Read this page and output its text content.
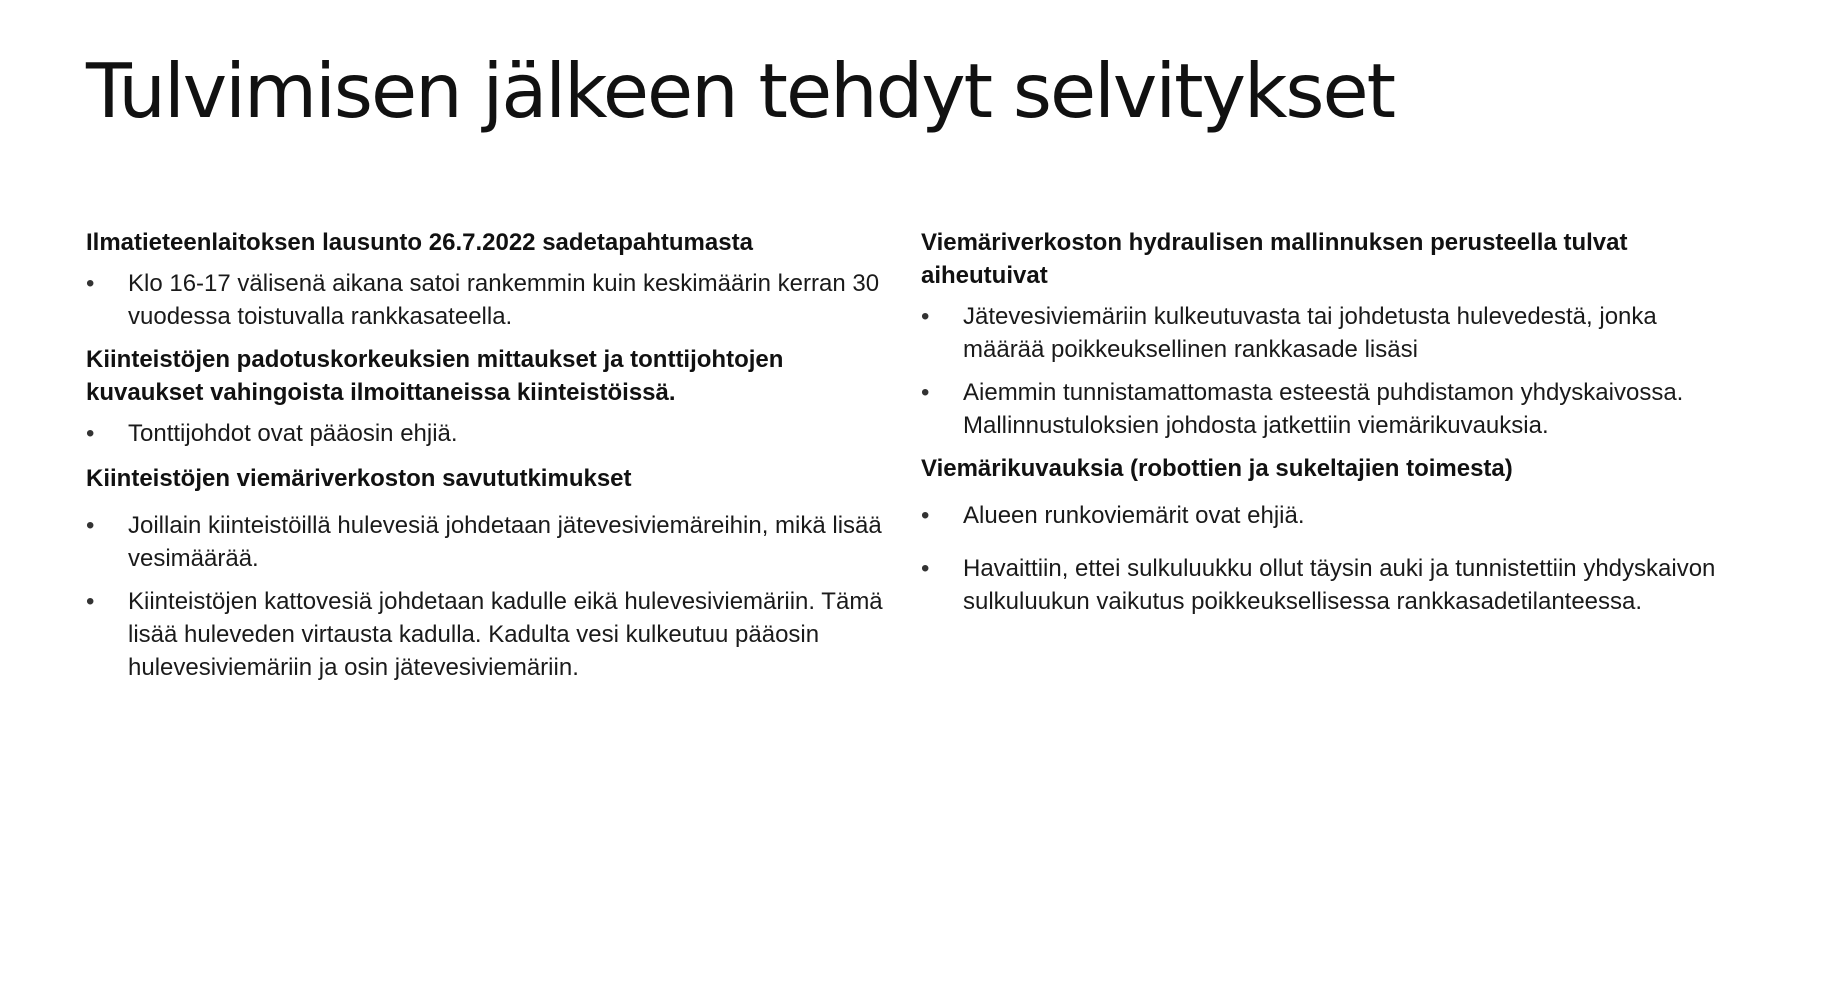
Tulvimisen jälkeen tehdyt selvitykset
Ilmatieteenlaitoksen lausunto 26.7.2022 sadetapahtumasta
• Klo 16-17 välisenä aikana satoi rankemmin kuin keskimäärin kerran 30 vuodessa toistuvalla rankkasateella.
Kiinteistöjen padotuskorkeuksien mittaukset ja tonttijohtojen kuvaukset vahingoista ilmoittaneissa kiinteistöissä.
• Tonttijohdot ovat pääosin ehjiä.
Kiinteistöjen viemäriverkoston savututkimukset
• Joillain kiinteistöillä hulevesiä johdetaan jätevesiviemäreihin, mikä lisää vesimäärää.
• Kiinteistöjen kattovesiä johdetaan kadulle eikä hulevesiviemäriin. Tämä lisää huleveden virtausta kadulla. Kadulta vesi kulkeutuu pääosin hulevesiviemäriin ja osin jätevesiviemäriin.
Viemäriverkoston hydraulisen mallinnuksen perusteella tulvat aiheutuivat
• Jätevesiviemäriin kulkeutuvasta tai johdetusta hulevedestä, jonka määrää poikkeuksellinen rankkasade lisäsi
• Aiemmin tunnistamattomasta esteestä puhdistamon yhdyskaivossa. Mallinnustuloksien johdosta jatkettiin viemärikuvauksia.
Viemärikuvauksia (robottien ja sukeltajien toimesta)
• Alueen runkoviemärit ovat ehjiä.
• Havaittiin, ettei sulkuluukku ollut täysin auki ja tunnistettiin yhdyskaivon sulkuluukun vaikutus poikkeuksellisessa rankkasadetilanteessa.
